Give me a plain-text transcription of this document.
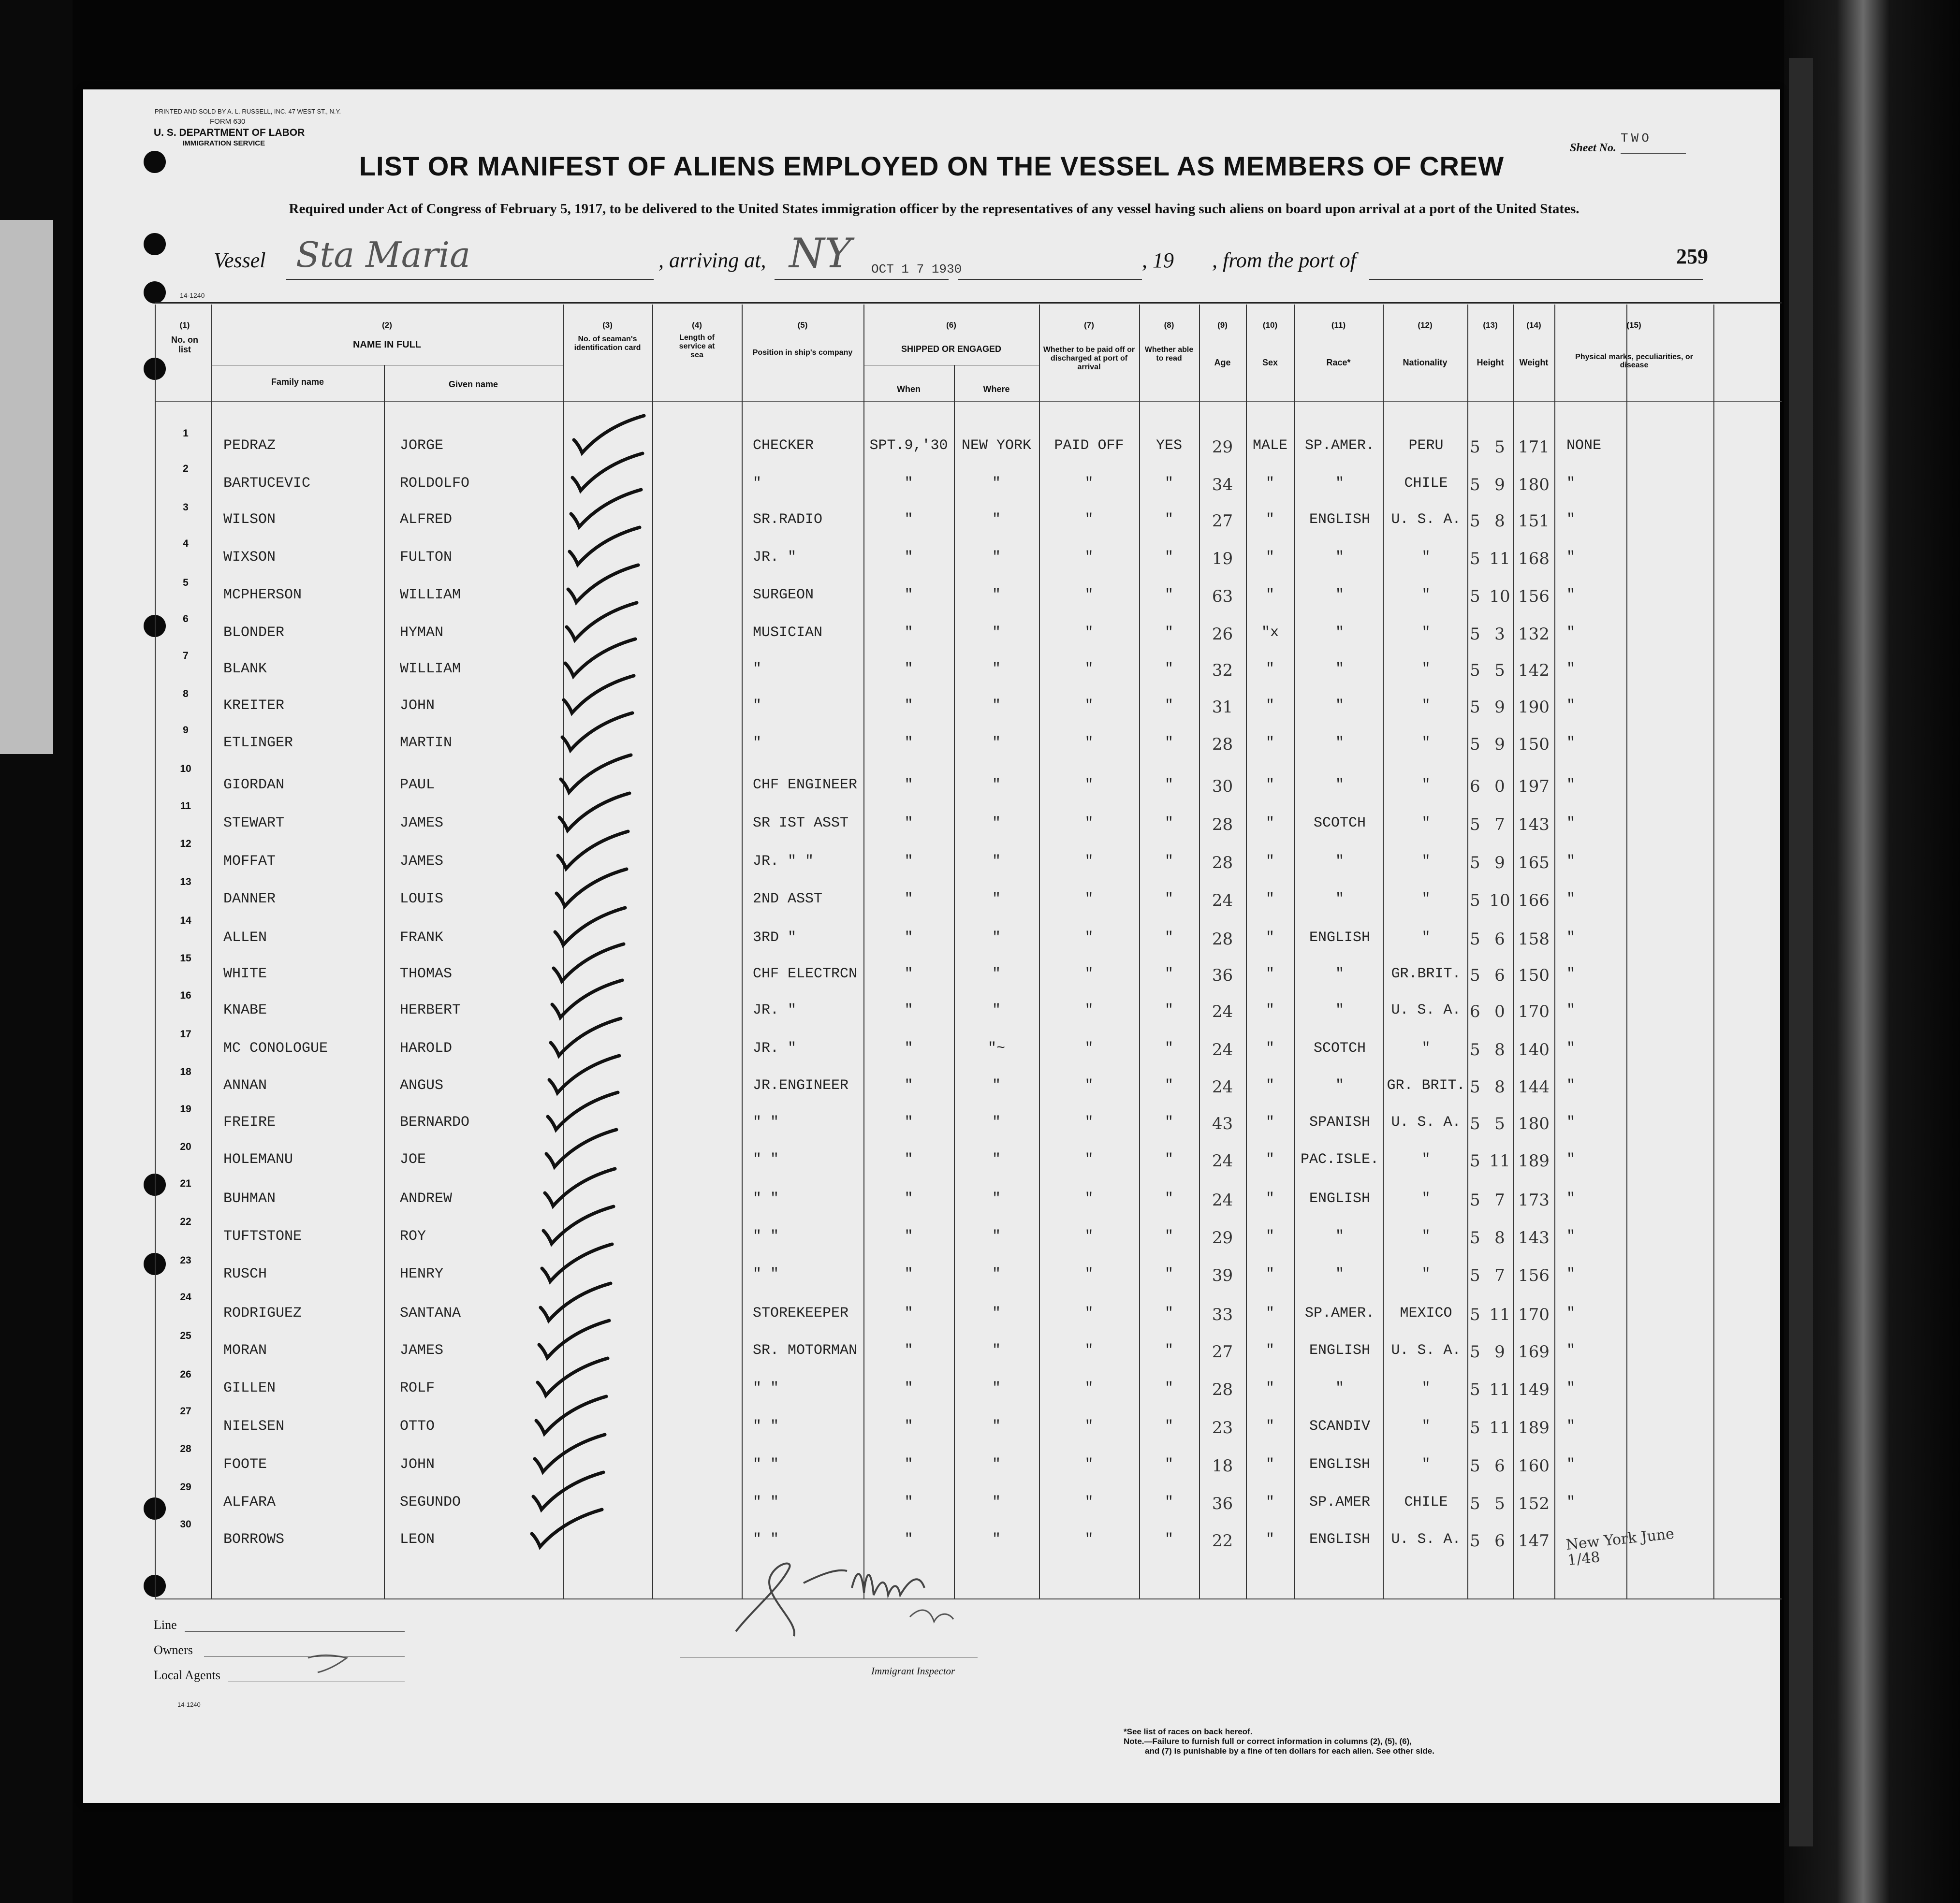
PRINTED AND SOLD BY A. L. RUSSELL, INC. 47 WEST ST., N.Y.
FORM 630
U. S. DEPARTMENT OF LABOR
IMMIGRATION SERVICE	Sheet No.
TWO
259
LIST OR MANIFEST OF ALIENS EMPLOYED ON THE VESSEL AS MEMBERS OF CREW
Required under Act of Congress of February 5, 1917, to be delivered to the United States immigration officer by the representatives of any vessel having such aliens on board upon arrival at a port of the United States.
Vessel Sta Maria	, arriving at, NY OCT 1 7 1930	, 19 , from the port of
14-1240
(1)
No. on list
(2)
NAME IN FULL
Family name	Given name
(3)
No. of seaman's identification card
(4)
Length of service at sea
(5)
Position in ship's company
(6)
SHIPPED OR ENGAGED
When	Where
(7)
Whether to be paid off or discharged at port of arrival
(8)
Whether able to read
(9)
Age
(10)
Sex
(11)
Race*
(12)
Nationality
(13)
Height
(14)
Weight
(15)
Physical marks, peculiarities, or disease
1
PEDRAZ	JORGE	CHECKER	SPT.9,'30 NEW YORK	PAID OFF	YES	29	MALE	SP.AMER.	PERU	5 5 171	NONE
2
BARTUCEVIC	ROLDOLFO	"	"	"	"	"	34	"	"	CHILE	5 9 180	"
3
WILSON	ALFRED	SR.RADIO	"	"	"	"	27	"	ENGLISH	U. S. A. 5 8 151	"
4
WIXSON	FULTON	JR. "	"	"	"	"	19	"	"	"	5 11 168	"
5
MCPHERSON	WILLIAM	SURGEON	"	"	"	"	63	"	"	"	5 10 156	"
6
BLONDER	HYMAN	MUSICIAN	"	"	"	"	26	"x	"	"	5 3 132	"
7
BLANK	WILLIAM	"	"	"	"	"	32	"	"	"	5 5 142	"
8
KREITER	JOHN	"	"	"	"	"	31	"	"	"	5 9 190	"
9
ETLINGER	MARTIN	"	"	"	"	"	28	"	"	"	5 9 150	"
10
GIORDAN	PAUL	CHF ENGINEER	"	"	"	"	30	"	"	"	6 0 197	"
11
STEWART	JAMES	SR IST ASST	"	"	"	"	28	"	SCOTCH	"	5 7 143	"
12
MOFFAT	JAMES	JR. " "	"	"	"	"	28	"	"	"	5 9 165	"
13
DANNER	LOUIS	2ND ASST	"	"	"	"	24	"	"	"	5 10 166	"
14
ALLEN	FRANK	3RD "	"	"	"	"	28	"	ENGLISH	"	5 6 158	"
15
WHITE	THOMAS	CHF ELECTRCN	"	"	"	"	36	"	"	GR.BRIT. 5 6 150	"
16
KNABE	HERBERT	JR. "	"	"	"	"	24	"	"	U. S. A. 6 0 170	"
17
MC CONOLOGUE	HAROLD	JR. "	"	"~	"	"	24	"	SCOTCH	"	5 8 140	"
18
ANNAN	ANGUS	JR.ENGINEER	"	"	"	"	24	"	"	GR. BRIT. 5 8 144	"
19
FREIRE	BERNARDO	" "	"	"	"	"	43	"	SPANISH	U. S. A. 5 5 180	"
20
HOLEMANU	JOE	" "	"	"	"	"	24	"	PAC.ISLE.	"	5 11 189	"
21
BUHMAN	ANDREW	" "	"	"	"	"	24	"	ENGLISH	"	5 7 173	"
22
TUFTSTONE	ROY	" "	"	"	"	"	29	"	"	"	5 8 143	"
23
RUSCH	HENRY	" "	"	"	"	"	39	"	"	"	5 7 156	"
24
RODRIGUEZ	SANTANA	STOREKEEPER	"	"	"	"	33	"	SP.AMER.	MEXICO	5 11 170	"
25
MORAN	JAMES	SR. MOTORMAN	"	"	"	"	27	"	ENGLISH	U. S. A. 5 9 169	"
26
GILLEN	ROLF	" "	"	"	"	"	28	"	"	"	5 11 149	"
27
NIELSEN	OTTO	" "	"	"	"	"	23	"	SCANDIV	"	5 11 189	"
28
FOOTE	JOHN	" "	"	"	"	"	18	"	ENGLISH	"	5 6 160	"
29
ALFARA	SEGUNDO	" "	"	"	"	"	36	"	SP.AMER	CHILE	5 5 152	"
30
BORROWS	LEON	" "	"	"	"	"	22	"	ENGLISH	U. S. A. 5 6 147	New York June 1/48
Line
Owners
Local Agents
14-1240
Immigrant Inspector
*See list of races on back hereof.
Note.—Failure to furnish full or correct information in columns (2), (5), (6),
and (7) is punishable by a fine of ten dollars for each alien. See other side.
